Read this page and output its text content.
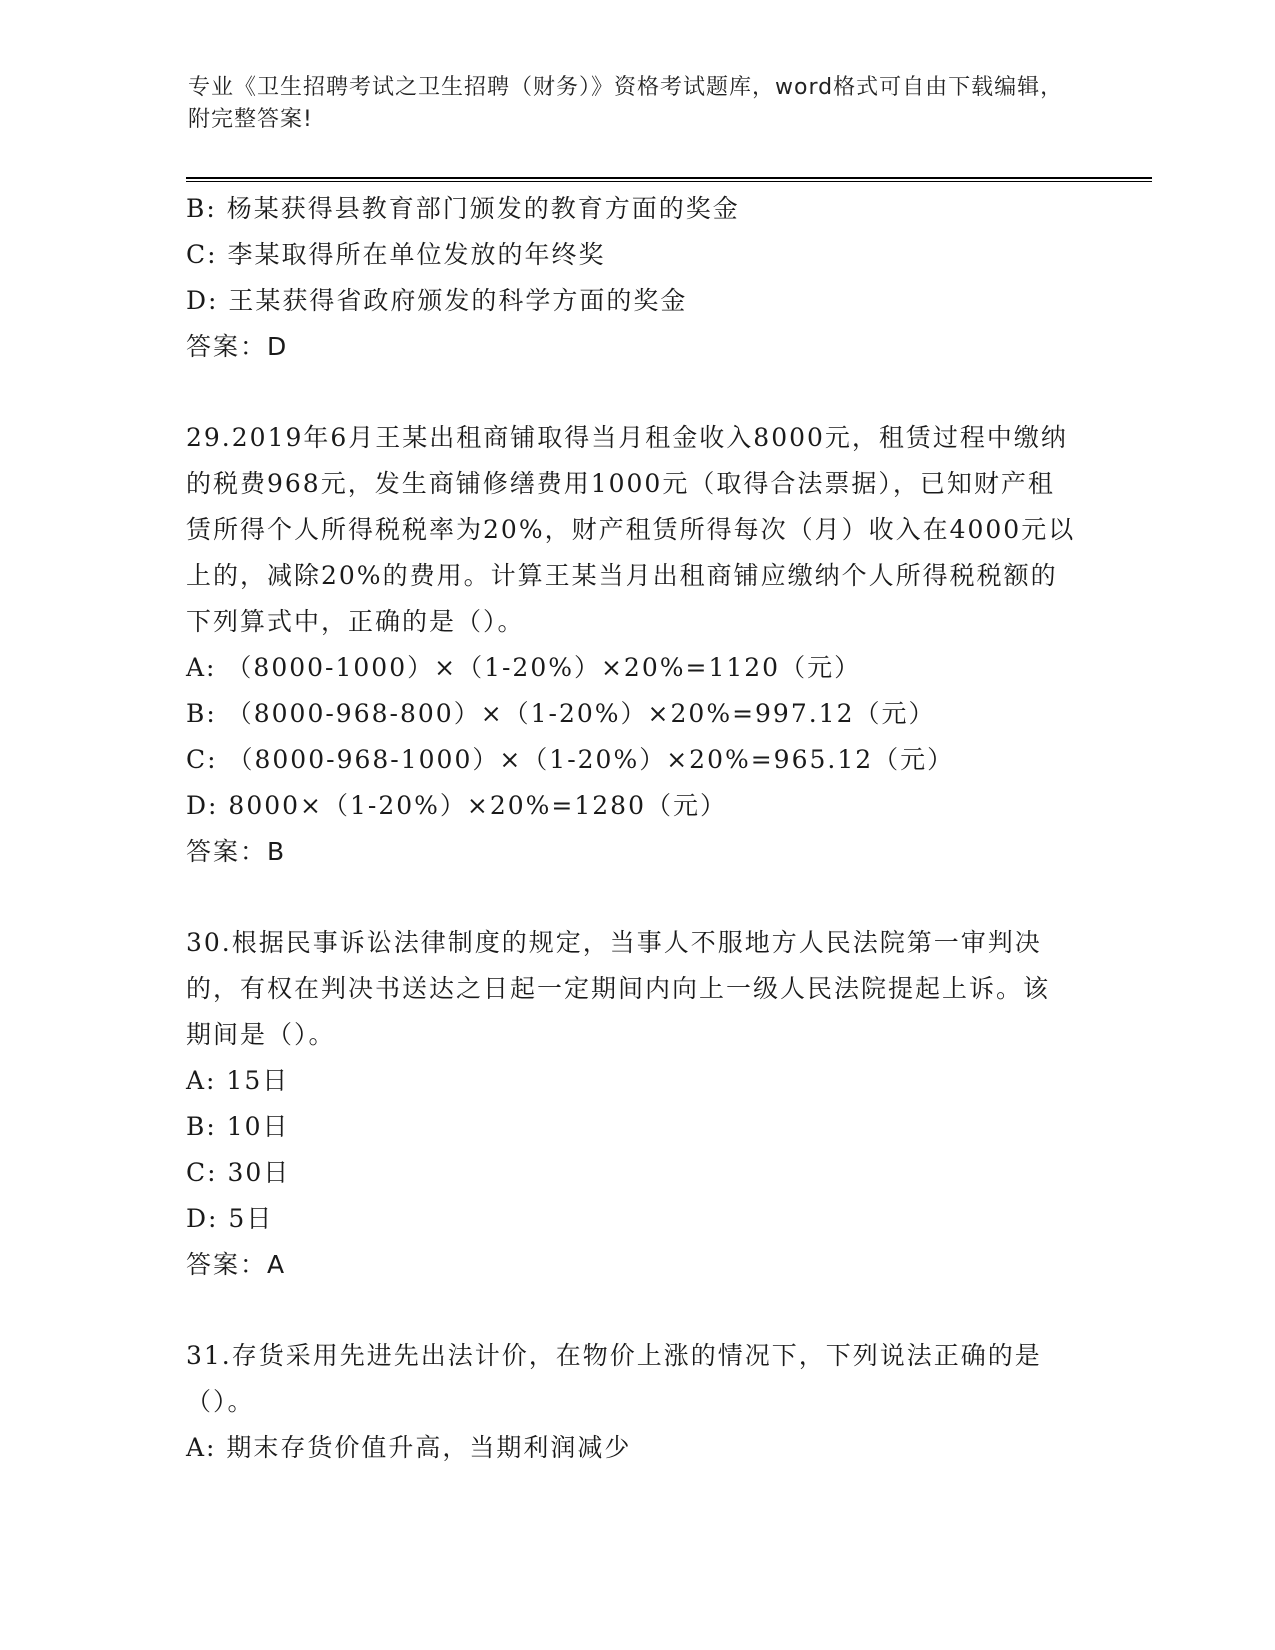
专业《卫生招聘考试之卫生招聘（财务）》资格考试题库，word格式可自由下载编辑，附完整答案!

B: 杨某获得县教育部门颁发的教育方面的奖金

C: 李某取得所在单位发放的年终奖

D: 王某获得省政府颁发的科学方面的奖金

答案：D

29.2019年6月王某出租商铺取得当月租金收入8000元，租赁过程中缴纳的税费968元，发生商铺修缮费用1000元（取得合法票据），已知财产租赁所得个人所得税税率为20%，财产租赁所得每次（月）收入在4000元以上的，减除20%的费用。计算王某当月出租商铺应缴纳个人所得税税额的下列算式中，正确的是（）。

A: （8000-1000）×（1-20%）×20%=1120（元）

B: （8000-968-800）×（1-20%）×20%=997.12（元）

C: （8000-968-1000）×（1-20%）×20%=965.12（元）

D: 8000×（1-20%）×20%=1280（元）

答案：B

30.根据民事诉讼法律制度的规定，当事人不服地方人民法院第一审判决的，有权在判决书送达之日起一定期间内向上一级人民法院提起上诉。该期间是（）。

A: 15日

B: 10日

C: 30日

D: 5日

答案：A

31.存货采用先进先出法计价，在物价上涨的情况下，下列说法正确的是（）。

A: 期末存货价值升高，当期利润减少
